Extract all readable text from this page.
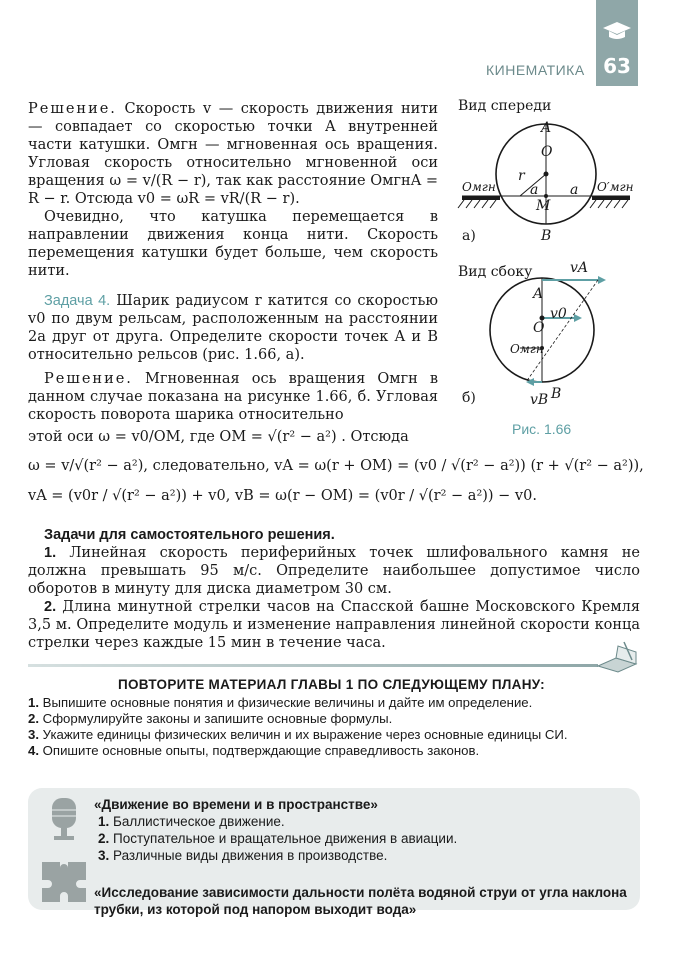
КИНЕМАТИКА 63

Решение. Скорость v — скорость движения нити — совпадает со скоростью точки A внутренней части катушки. Oмгн — мгновенная ось вращения. Угловая скорость относительно мгновенной оси вращения ω = v/(R − r), так как расстояние OмгнA = R − r. Отсюда v0 = ωR = vR/(R − r).

Очевидно, что катушка перемещается в направлении движения конца нити. Скорость перемещения катушки будет больше, чем скорость нити.

Задача 4. Шарик радиусом r катится со скоростью v0 по двум рельсам, расположенным на расстоянии 2a друг от друга. Определите скорости точек A и B относительно рельсов (рис. 1.66, а).

Решение. Мгновенная ось вращения Oмгн в данном случае показана на рисунке 1.66, б. Угловая скорость поворота шарика относительно

этой оси ω = v0/OM, где OM = √(r² − a²) . Отсюда

ω = v/√(r² − a²), следовательно, vA = ω(r + OM) = (v0 / √(r² − a²)) (r + √(r² − a²)),
vA = (v0r / √(r² − a²)) + v0, vB = ω(r − OM) = (v0r / √(r² − a²)) − v0.
Вид спереди
A
O
r
a a
M
B
Oмгн	O′мгн
а)
Вид сбоку	vA
A
v0
O
Oмгн
B
vB
б)
Рис. 1.66

Задачи для самостоятельного решения.

1. Линейная скорость периферийных точек шлифовального камня не должна превышать 95 м/с. Определите наибольшее допустимое число оборотов в минуту для диска диаметром 30 см.

2. Длина минутной стрелки часов на Спасской башне Московского Кремля 3,5 м. Определите модуль и изменение направления линейной скорости конца стрелки через каждые 15 мин в течение часа.

ПОВТОРИТЕ МАТЕРИАЛ ГЛАВЫ 1 ПО СЛЕДУЮЩЕМУ ПЛАНУ:
1. Выпишите основные понятия и физические величины и дайте им определение.
2. Сформулируйте законы и запишите основные формулы.
3. Укажите единицы физических величин и их выражение через основные единицы СИ.
4. Опишите основные опыты, подтверждающие справедливость законов.
«Движение во времени и в пространстве»
1. Баллистическое движение.
2. Поступательное и вращательное движения в авиации.
3. Различные виды движения в производстве.
«Исследование зависимости дальности полёта водяной струи от угла наклона трубки, из которой под напором выходит вода»
